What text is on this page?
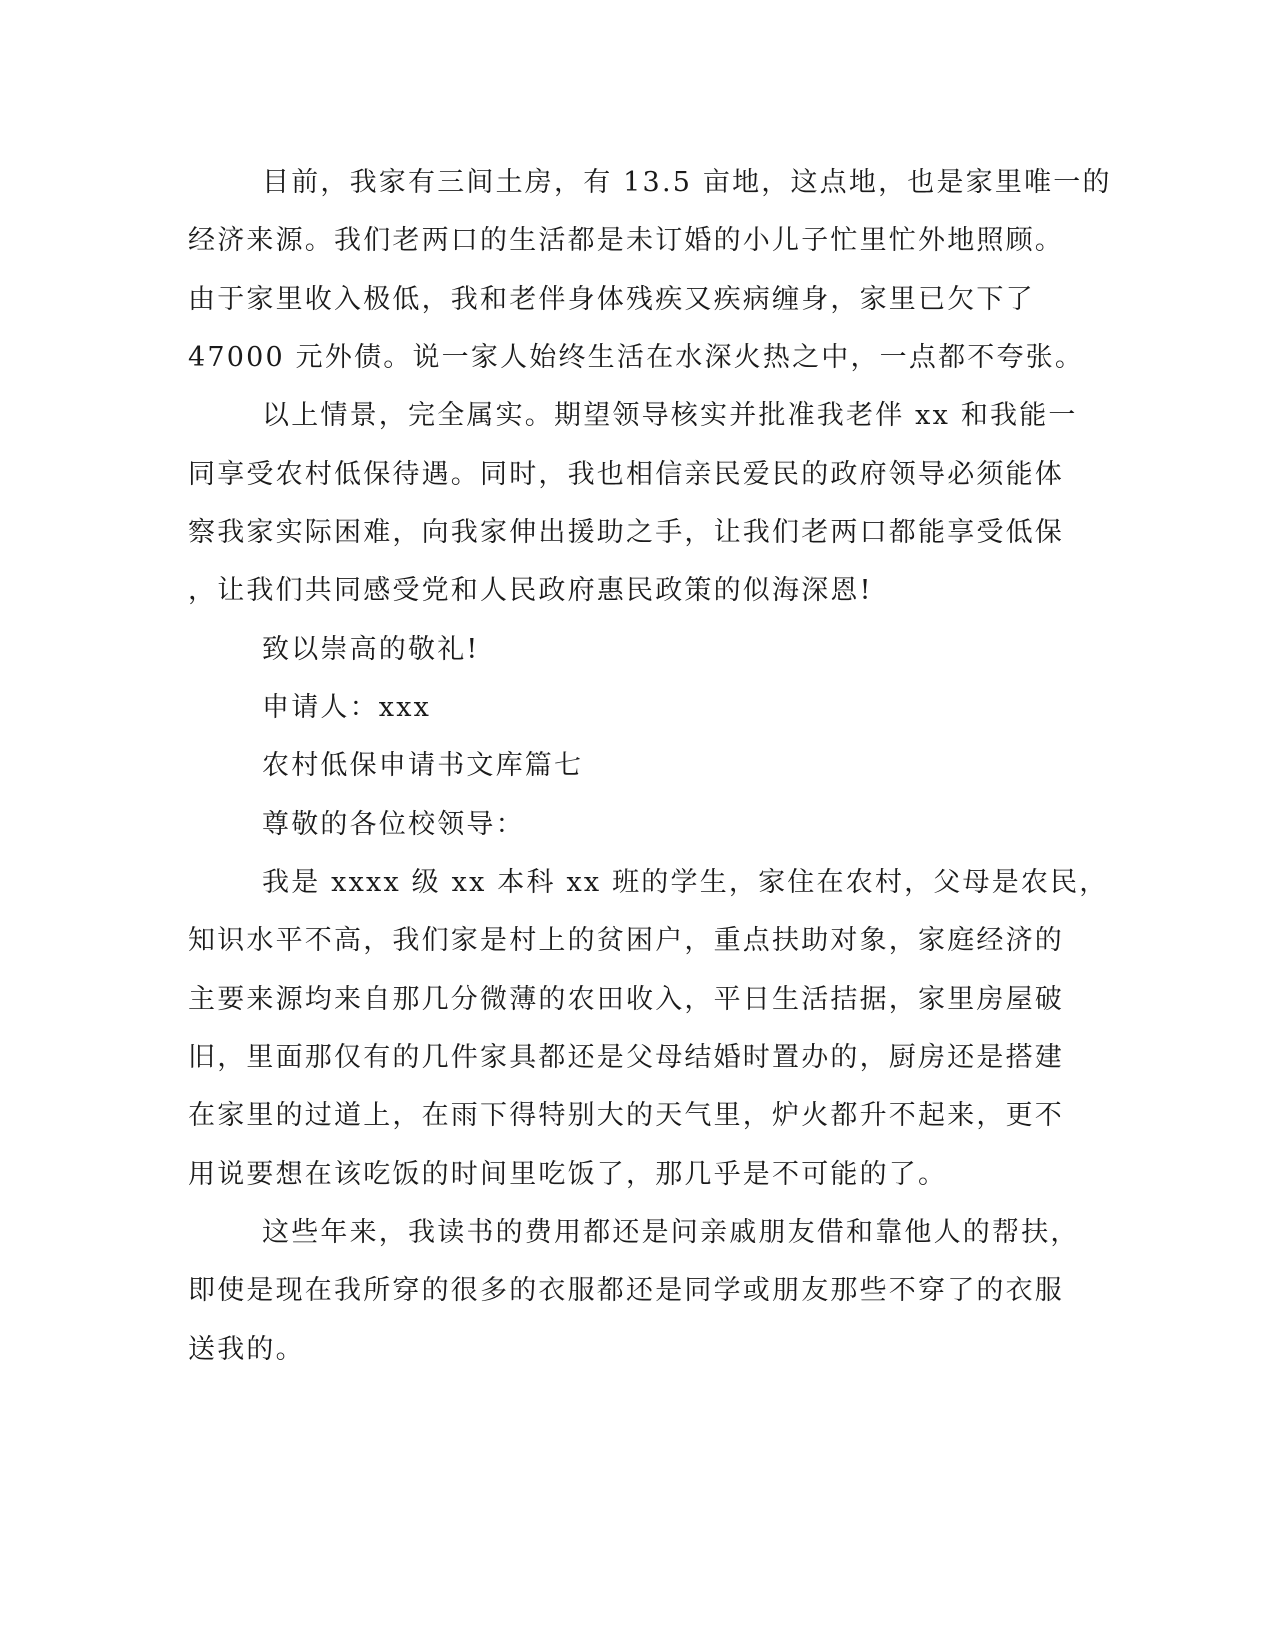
目前，我家有三间土房，有 13.5 亩地，这点地，也是家里唯一的
经济来源。我们老两口的生活都是未订婚的小儿子忙里忙外地照顾。
由于家里收入极低，我和老伴身体残疾又疾病缠身，家里已欠下了
47000 元外债。说一家人始终生活在水深火热之中，一点都不夸张。
以上情景，完全属实。期望领导核实并批准我老伴 xx 和我能一
同享受农村低保待遇。同时，我也相信亲民爱民的政府领导必须能体
察我家实际困难，向我家伸出援助之手，让我们老两口都能享受低保
，让我们共同感受党和人民政府惠民政策的似海深恩!
致以崇高的敬礼!
申请人：xxx
农村低保申请书文库篇七
尊敬的各位校领导：
我是 xxxx 级 xx 本科 xx 班的学生，家住在农村，父母是农民，
知识水平不高，我们家是村上的贫困户，重点扶助对象，家庭经济的
主要来源均来自那几分微薄的农田收入，平日生活拮据，家里房屋破
旧，里面那仅有的几件家具都还是父母结婚时置办的，厨房还是搭建
在家里的过道上，在雨下得特别大的天气里，炉火都升不起来，更不
用说要想在该吃饭的时间里吃饭了，那几乎是不可能的了。
这些年来，我读书的费用都还是问亲戚朋友借和靠他人的帮扶，
即使是现在我所穿的很多的衣服都还是同学或朋友那些不穿了的衣服
送我的。
